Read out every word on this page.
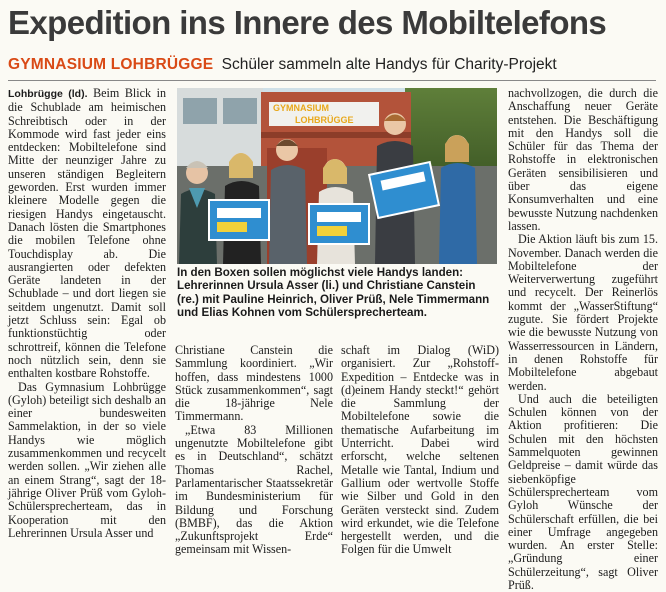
Expedition ins Innere des Mobiltelefons
GYMNASIUM LOHBRÜGGE Schüler sammeln alte Handys für Charity-Projekt

Lohbrügge (ld). Beim Blick in die Schublade am heimischen Schreibtisch oder in der Kommode wird fast jeder eins entdecken: Mobiltelefone sind Mitte der neunziger Jahre zu unseren ständigen Begleitern geworden. Erst wurden immer kleinere Modelle gegen die riesigen Handys eingetauscht. Danach lösten die Smartphones die mobilen Telefone ohne Touchdisplay ab. Die ausrangierten oder defekten Geräte landeten in der Schublade – und dort liegen sie seitdem ungenutzt. Damit soll jetzt Schluss sein: Egal ob funktionstüchtig oder schrottreif, können die Telefone noch nützlich sein, denn sie enthalten kostbare Rohstoffe.

Das Gymnasium Lohbrügge (Gyloh) beteiligt sich deshalb an einer bundesweiten Sammelaktion, in der so viele Handys wie möglich zusammenkommen und recycelt werden sollen. „Wir ziehen alle an einem Strang“, sagt der 18-jährige Oliver Prüß vom Gyloh-Schülersprecherteam, das in Kooperation mit den Lehrerinnen Ursula Asser und

GYMNASIUM
LOHBRÜGGE
In den Boxen sollen möglichst viele Handys landen: Lehrerinnen Ursula Asser (li.) und Christiane Canstein (re.) mit Pauline Heinrich, Oliver Prüß, Nele Timmermann und Elias Kohnen vom Schülersprecherteam.

Christiane Canstein die Sammlung koordiniert. „Wir hoffen, dass mindestens 1000 Stück zusammenkommen“, sagt die 18-jährige Nele Timmermann.

„Etwa 83 Millionen ungenutzte Mobiltelefone gibt es in Deutschland“, schätzt Thomas Rachel, Parlamentarischer Staatssekretär im Bundesministerium für Bildung und Forschung (BMBF), das die Aktion „Zukunftsprojekt Erde“ gemeinsam mit Wissen-

schaft im Dialog (WiD) organisiert. Zur „Rohstoff-Expedition – Entdecke was in (d)einem Handy steckt!“ gehört die Sammlung der Mobiltelefone sowie die thematische Aufarbeitung im Unterricht. Dabei wird erforscht, welche seltenen Metalle wie Tantal, Indium und Gallium oder wertvolle Stoffe wie Silber und Gold in den Geräten versteckt sind. Zudem wird erkundet, wie die Telefone hergestellt werden, und die Folgen für die Umwelt

nachvollzogen, die durch die Anschaffung neuer Geräte entstehen. Die Beschäftigung mit den Handys soll die Schüler für das Thema der Rohstoffe in elektronischen Geräten sensibilisieren und über das eigene Konsumverhalten und eine bewusste Nutzung nachdenken lassen.

Die Aktion läuft bis zum 15. November. Danach werden die Mobiltelefone der Weiterverwertung zugeführt und recycelt. Der Reinerlös kommt der „WasserStiftung“ zugute. Sie fördert Projekte wie die bewusste Nutzung von Wasserressourcen in Ländern, in denen Rohstoffe für Mobiltelefone abgebaut werden.

Und auch die beteiligten Schulen können von der Aktion profitieren: Die Schulen mit den höchsten Sammelquoten gewinnen Geldpreise – damit würde das siebenköpfige Schülersprecherteam vom Gyloh Wünsche der Schülerschaft erfüllen, die bei einer Umfrage angegeben wurden. An erster Stelle: „Gründung einer Schülerzeitung“, sagt Oliver Prüß.
